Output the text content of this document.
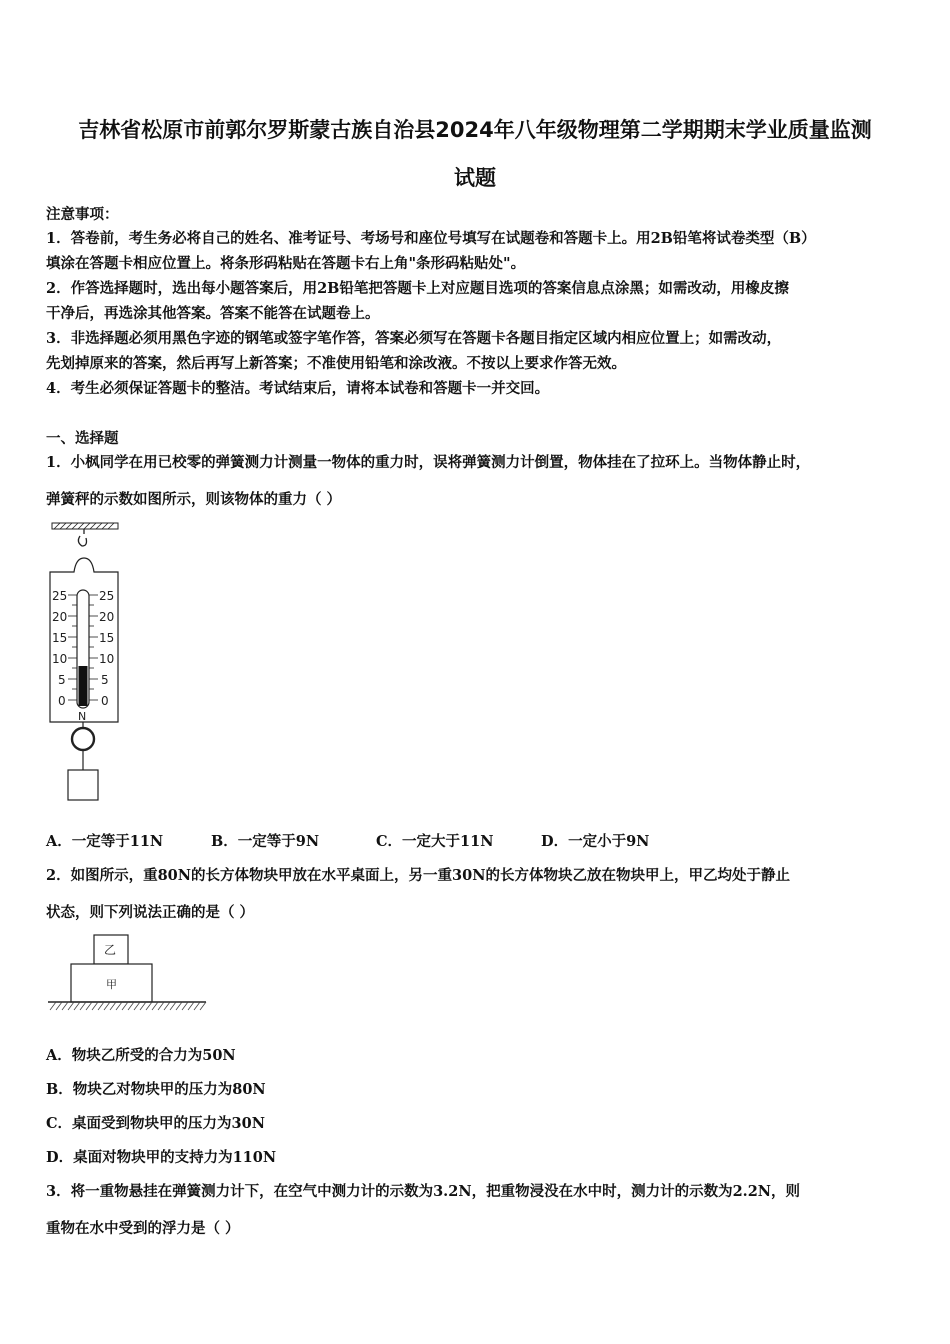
吉林省松原市前郭尔罗斯蒙古族自治县2024年八年级物理第二学期期末学业质量监测
试题
注意事项：
1．答卷前，考生务必将自己的姓名、准考证号、考场号和座位号填写在试题卷和答题卡上。用2B铅笔将试卷类型（B）
填涂在答题卡相应位置上。将条形码粘贴在答题卡右上角"条形码粘贴处"。
2．作答选择题时，选出每小题答案后，用2B铅笔把答题卡上对应题目选项的答案信息点涂黑；如需改动，用橡皮擦
干净后，再选涂其他答案。答案不能答在试题卷上。
3．非选择题必须用黑色字迹的钢笔或签字笔作答，答案必须写在答题卡各题目指定区域内相应位置上；如需改动，
先划掉原来的答案，然后再写上新答案；不准使用铅笔和涂改液。不按以上要求作答无效。
4．考生必须保证答题卡的整洁。考试结束后，请将本试卷和答题卡一并交回。
一、选择题
1．小枫同学在用已校零的弹簧测力计测量一物体的重力时，误将弹簧测力计倒置，物体挂在了拉环上。当物体静止时，
弹簧秤的示数如图所示，则该物体的重力（ ）
25
20
15
10
5
0
25
20
15
10
5
0
N
A．一定等于11N	B．一定等于9N	C．一定大于11N	D．一定小于9N
2．如图所示，重80N的长方体物块甲放在水平桌面上，另一重30N的长方体物块乙放在物块甲上，甲乙均处于静止
状态，则下列说法正确的是（ ）
乙
甲
A．物块乙所受的合力为50N
B．物块乙对物块甲的压力为80N
C．桌面受到物块甲的压力为30N
D．桌面对物块甲的支持力为110N
3．将一重物悬挂在弹簧测力计下，在空气中测力计的示数为3.2N，把重物浸没在水中时，测力计的示数为2.2N，则
重物在水中受到的浮力是（ ）
